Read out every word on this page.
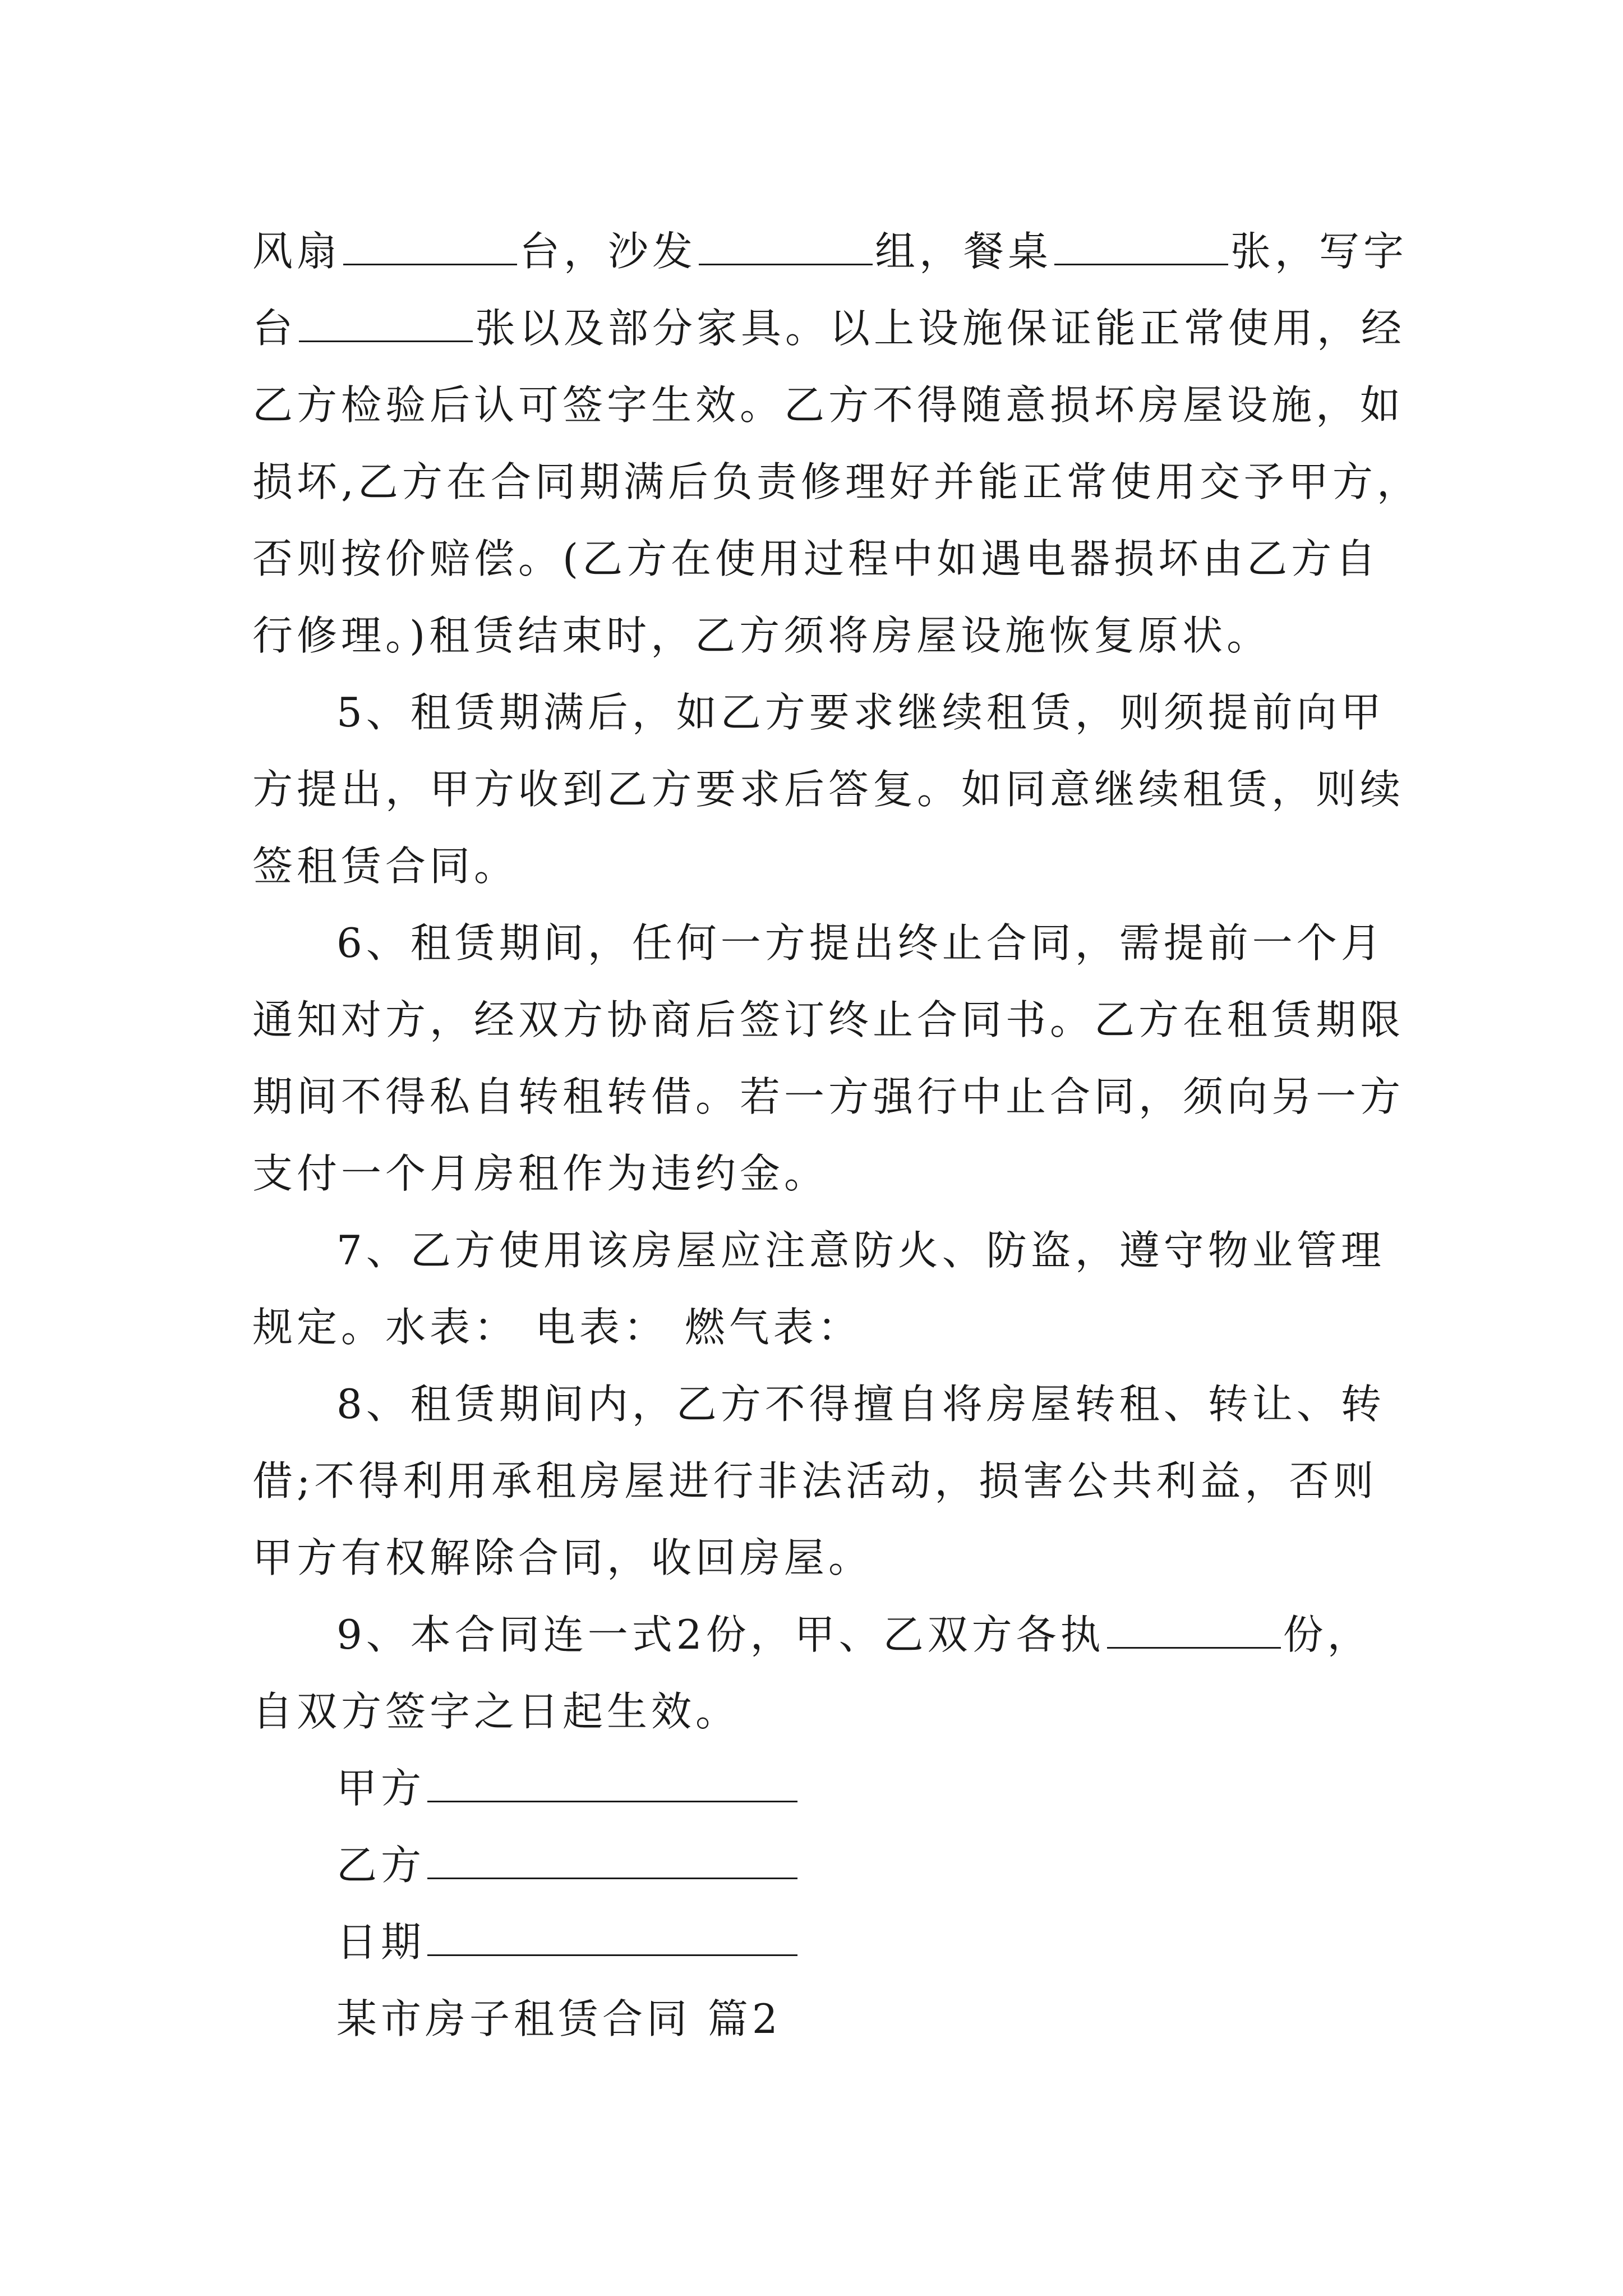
风扇	台，沙发	组，餐桌	张，写字
台	张以及部分家具。以上设施保证能正常使用，经
乙方检验后认可签字生效。乙方不得随意损坏房屋设施，如
损坏,乙方在合同期满后负责修理好并能正常使用交予甲方，
否则按价赔偿。(乙方在使用过程中如遇电器损坏由乙方自
行修理。)租赁结束时，乙方须将房屋设施恢复原状。
5、租赁期满后，如乙方要求继续租赁，则须提前向甲
方提出，甲方收到乙方要求后答复。如同意继续租赁，则续
签租赁合同。
6、租赁期间，任何一方提出终止合同，需提前一个月
通知对方，经双方协商后签订终止合同书。乙方在租赁期限
期间不得私自转租转借。若一方强行中止合同，须向另一方
支付一个月房租作为违约金。
7、乙方使用该房屋应注意防火、防盗，遵守物业管理
规定。水表： 电表： 燃气表：
8、租赁期间内，乙方不得擅自将房屋转租、转让、转
借;不得利用承租房屋进行非法活动，损害公共利益，否则
甲方有权解除合同，收回房屋。
9、本合同连一式2份，甲、乙双方各执	份，
自双方签字之日起生效。
甲方
乙方
日期
某市房子租赁合同 篇2
